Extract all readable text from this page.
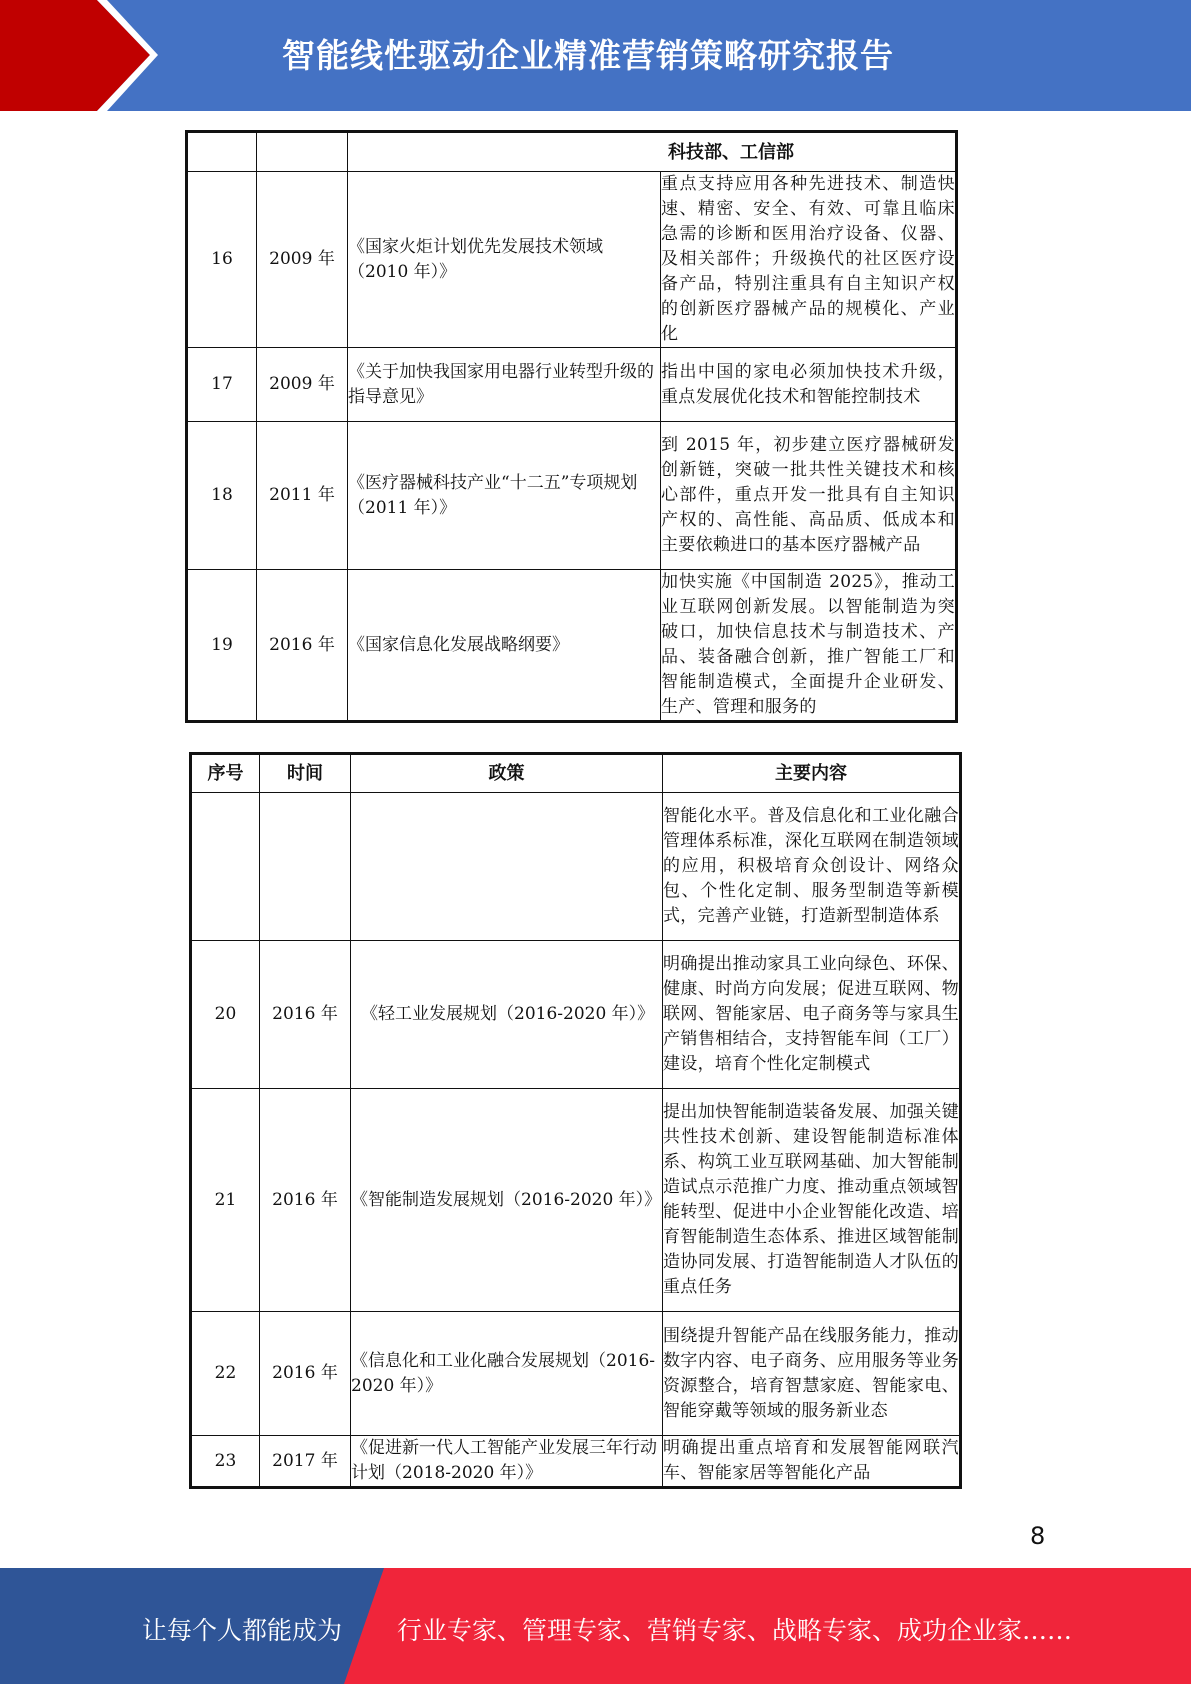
智能线性驱动企业精准营销策略研究报告
		科技部、工信部	
16	2009 年	《国家火炬计划优先发展技术领域（2010 年）》	重点支持应用各种先进技术、制造快速、精密、安全、有效、可靠且临床急需的诊断和医用治疗设备、仪器、及相关部件；升级换代的社区医疗设备产品，特别注重具有自主知识产权的创新医疗器械产品的规模化、产业化
17	2009 年	《关于加快我国家用电器行业转型升级的指导意见》	指出中国的家电必须加快技术升级，重点发展优化技术和智能控制技术
18	2011 年	《医疗器械科技产业“十二五”专项规划（2011 年）》	到 2015 年，初步建立医疗器械研发创新链，突破一批共性关键技术和核心部件，重点开发一批具有自主知识产权的、高性能、高品质、低成本和主要依赖进口的基本医疗器械产品
19	2016 年	《国家信息化发展战略纲要》	加快实施《中国制造 2025》，推动工业互联网创新发展。以智能制造为突破口，加快信息技术与制造技术、产品、装备融合创新，推广智能工厂和智能制造模式，全面提升企业研发、生产、管理和服务的
序号	时间	政策	主要内容
			智能化水平。普及信息化和工业化融合管理体系标准，深化互联网在制造领域的应用，积极培育众创设计、网络众包、个性化定制、服务型制造等新模式，完善产业链，打造新型制造体系
20	2016 年	《轻工业发展规划（2016-2020 年）》	明确提出推动家具工业向绿色、环保、健康、时尚方向发展；促进互联网、物联网、智能家居、电子商务等与家具生产销售相结合，支持智能车间（工厂）建设，培育个性化定制模式
21	2016 年	《智能制造发展规划（2016-2020 年）》	提出加快智能制造装备发展、加强关键共性技术创新、建设智能制造标准体系、构筑工业互联网基础、加大智能制造试点示范推广力度、推动重点领域智能转型、促进中小企业智能化改造、培育智能制造生态体系、推进区域智能制造协同发展、打造智能制造人才队伍的重点任务
22	2016 年	《信息化和工业化融合发展规划（2016-2020 年）》	围绕提升智能产品在线服务能力，推动数字内容、电子商务、应用服务等业务资源整合，培育智慧家庭、智能家电、智能穿戴等领域的服务新业态
23	2017 年	《促进新一代人工智能产业发展三年行动计划（2018-2020 年）》	明确提出重点培育和发展智能网联汽车、智能家居等智能化产品
8
让每个人都能成为 行业专家、管理专家、营销专家、战略专家、成功企业家……
